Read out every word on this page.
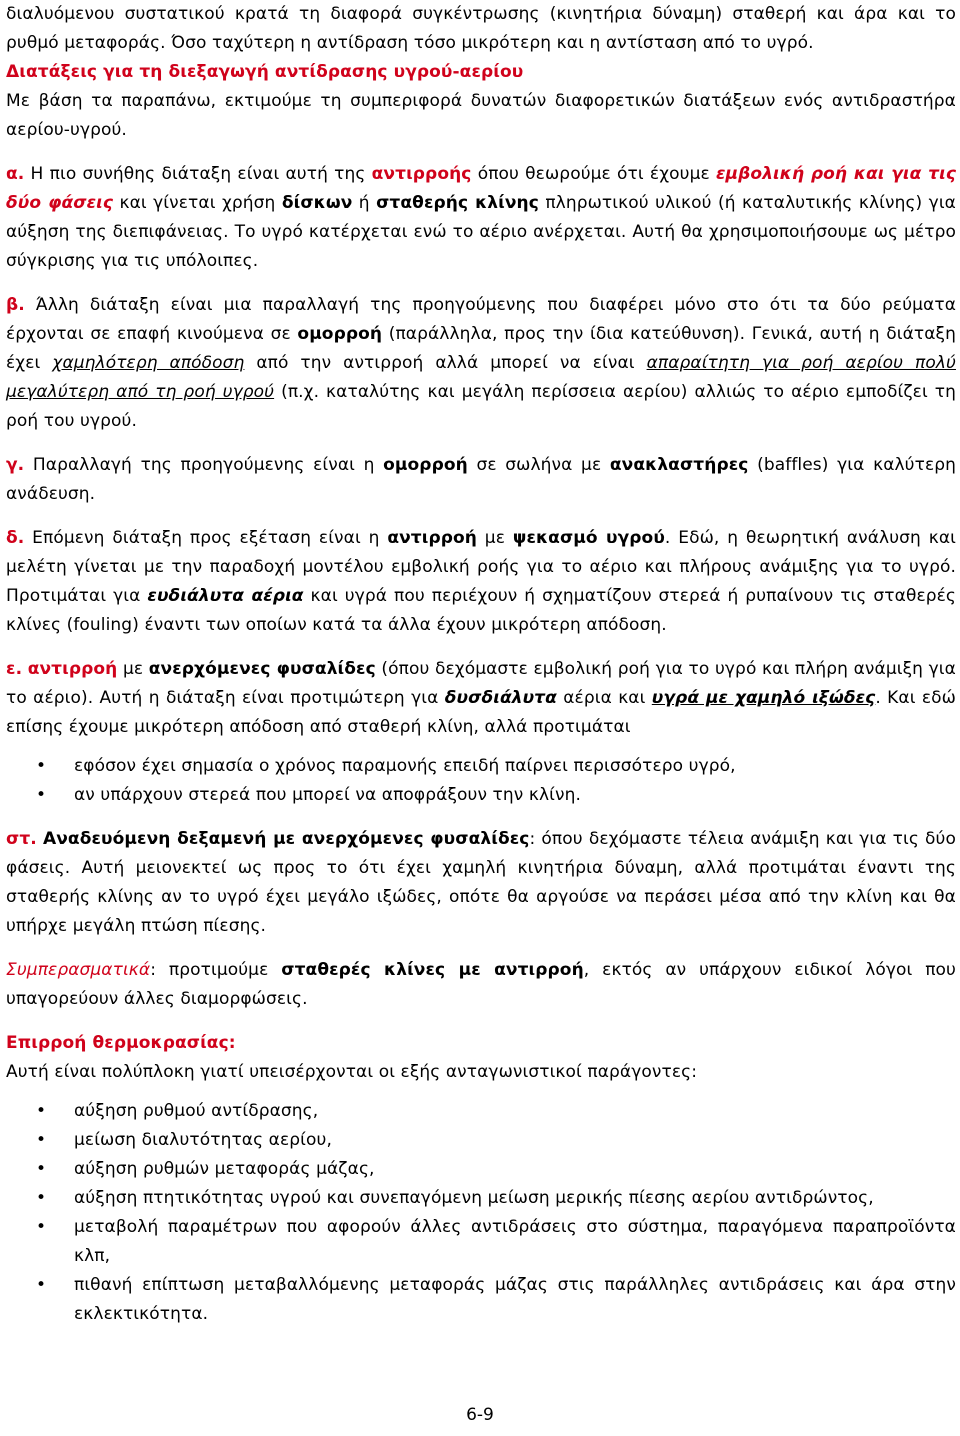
διαλυόμενου συστατικού κρατά τη διαφορά συγκέντρωσης (κινητήρια δύναμη) σταθερή και άρα και το ρυθμό μεταφοράς. Όσο ταχύτερη η αντίδραση τόσο μικρότερη και η αντίσταση από το υγρό.

Διατάξεις για τη διεξαγωγή αντίδρασης υγρού-αερίου

Με βάση τα παραπάνω, εκτιμούμε τη συμπεριφορά δυνατών διαφορετικών διατάξεων ενός αντιδραστήρα αερίου-υγρού.

α. Η πιο συνήθης διάταξη είναι αυτή της αντιρροής όπου θεωρούμε ότι έχουμε εμβολική ροή και για τις δύο φάσεις και γίνεται χρήση δίσκων ή σταθερής κλίνης πληρωτικού υλικού (ή καταλυτικής κλίνης) για αύξηση της διεπιφάνειας. Το υγρό κατέρχεται ενώ το αέριο ανέρχεται. Αυτή θα χρησιμοποιήσουμε ως μέτρο σύγκρισης για τις υπόλοιπες.

β. Άλλη διάταξη είναι μια παραλλαγή της προηγούμενης που διαφέρει μόνο στο ότι τα δύο ρεύματα έρχονται σε επαφή κινούμενα σε ομορροή (παράλληλα, προς την ίδια κατεύθυνση). Γενικά, αυτή η διάταξη έχει χαμηλότερη απόδοση από την αντιρροή αλλά μπορεί να είναι απαραίτητη για ροή αερίου πολύ μεγαλύτερη από τη ροή υγρού (π.χ. καταλύτης και μεγάλη περίσσεια αερίου) αλλιώς το αέριο εμποδίζει τη ροή του υγρού.

γ. Παραλλαγή της προηγούμενης είναι η ομορροή σε σωλήνα με ανακλαστήρες (baffles) για καλύτερη ανάδευση.

δ. Επόμενη διάταξη προς εξέταση είναι η αντιρροή με ψεκασμό υγρού. Εδώ, η θεωρητική ανάλυση και μελέτη γίνεται με την παραδοχή μοντέλου εμβολική ροής για το αέριο και πλήρους ανάμιξης για το υγρό. Προτιμάται για ευδιάλυτα αέρια και υγρά που περιέχουν ή σχηματίζουν στερεά ή ρυπαίνουν τις σταθερές κλίνες (fouling) έναντι των οποίων κατά τα άλλα έχουν μικρότερη απόδοση.

ε. αντιρροή με ανερχόμενες φυσαλίδες (όπου δεχόμαστε εμβολική ροή για το υγρό και πλήρη ανάμιξη για το αέριο). Αυτή η διάταξη είναι προτιμώτερη για δυσδιάλυτα αέρια και υγρά με χαμηλό ιξώδες. Και εδώ επίσης έχουμε μικρότερη απόδοση από σταθερή κλίνη, αλλά προτιμάται

• εφόσον έχει σημασία ο χρόνος παραμονής επειδή παίρνει περισσότερο υγρό,
• αν υπάρχουν στερεά που μπορεί να αποφράξουν την κλίνη.

στ. Αναδευόμενη δεξαμενή με ανερχόμενες φυσαλίδες: όπου δεχόμαστε τέλεια ανάμιξη και για τις δύο φάσεις. Αυτή μειονεκτεί ως προς το ότι έχει χαμηλή κινητήρια δύναμη, αλλά προτιμάται έναντι της σταθερής κλίνης αν το υγρό έχει μεγάλο ιξώδες, οπότε θα αργούσε να περάσει μέσα από την κλίνη και θα υπήρχε μεγάλη πτώση πίεσης.

Συμπερασματικά: προτιμούμε σταθερές κλίνες με αντιρροή, εκτός αν υπάρχουν ειδικοί λόγοι που υπαγορεύουν άλλες διαμορφώσεις.

Επιρροή θερμοκρασίας:

Αυτή είναι πολύπλοκη γιατί υπεισέρχονται οι εξής ανταγωνιστικοί παράγοντες:

• αύξηση ρυθμού αντίδρασης,
• μείωση διαλυτότητας αερίου,
• αύξηση ρυθμών μεταφοράς μάζας,
• αύξηση πτητικότητας υγρού και συνεπαγόμενη μείωση μερικής πίεσης αερίου αντιδρώντος,
• μεταβολή παραμέτρων που αφορούν άλλες αντιδράσεις στο σύστημα, παραγόμενα παραπροϊόντα κλπ,
• πιθανή επίπτωση μεταβαλλόμενης μεταφοράς μάζας στις παράλληλες αντιδράσεις και άρα στην εκλεκτικότητα.
6-9
